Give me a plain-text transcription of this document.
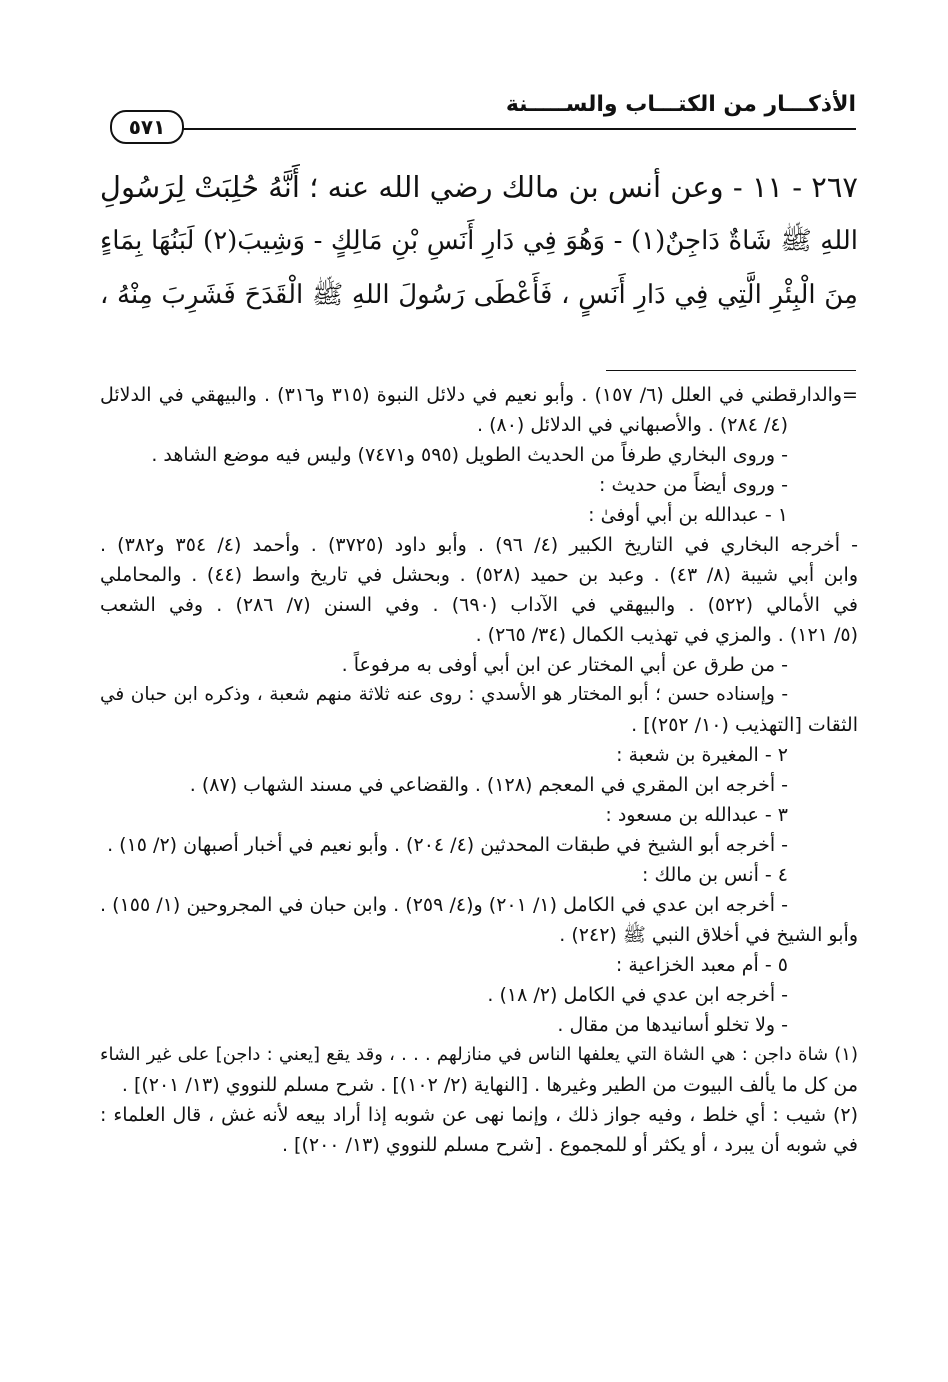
الأذكـــار من الكتـــاب والســـــنة
٥٧١

٢٦٧ - ١١ - وعن أنس بن مالك رضي الله عنه ؛ أَنَّهُ حُلِبَتْ لِرَسُولِ

اللهِ ﷺ شَاةٌ دَاجِنٌ(١) - وَهُوَ فِي دَارِ أَنَسِ بْنِ مَالِكٍ - وَشِيبَ(٢) لَبَنُهَا بِمَاءٍ

مِنَ الْبِئْرِ الَّتِي فِي دَارِ أَنَسٍ ، فَأَعْطَى رَسُولَ اللهِ ﷺ الْقَدَحَ فَشَرِبَ مِنْهُ ،

=والدارقطني في العلل (٦/ ١٥٧) . وأبو نعيم في دلائل النبوة (٣١٥ و٣١٦) . والبيهقي في الدلائل
(٤/ ٢٨٤) . والأصبهاني في الدلائل (٨٠) .
- وروى البخاري طرفاً من الحديث الطويل (٥٩٥ و٧٤٧١) وليس فيه موضع الشاهد .
- وروى أيضاً من حديث :
١ - عبدالله بن أبي أوفىٰ :
- أخرجه البخاري في التاريخ الكبير (٤/ ٩٦) . وأبو داود (٣٧٢٥) . وأحمد (٤/ ٣٥٤ و٣٨٢) .
وابن أبي شيبة (٨/ ٤٣) . وعبد بن حميد (٥٢٨) . وبحشل في تاريخ واسط (٤٤) . والمحاملي
في الأمالي (٥٢٢) . والبيهقي في الآداب (٦٩٠) . وفي السنن (٧/ ٢٨٦) . وفي الشعب
(٥/ ١٢١) . والمزي في تهذيب الكمال (٣٤/ ٢٦٥) .
- من طرق عن أبي المختار عن ابن أبي أوفى به مرفوعاً .
- وإسناده حسن ؛ أبو المختار هو الأسدي : روى عنه ثلاثة منهم شعبة ، وذكره ابن حبان في
الثقات [التهذيب (١٠/ ٢٥٢)] .
٢ - المغيرة بن شعبة :
- أخرجه ابن المقري في المعجم (١٢٨) . والقضاعي في مسند الشهاب (٨٧) .
٣ - عبدالله بن مسعود :
- أخرجه أبو الشيخ في طبقات المحدثين (٤/ ٢٠٤) . وأبو نعيم في أخبار أصبهان (٢/ ١٥) .
٤ - أنس بن مالك :
- أخرجه ابن عدي في الكامل (١/ ٢٠١) و(٤/ ٢٥٩) . وابن حبان في المجروحين (١/ ١٥٥) .
وأبو الشيخ في أخلاق النبي ﷺ (٢٤٢) .
٥ - أم معبد الخزاعية :
- أخرجه ابن عدي في الكامل (٢/ ١٨) .
- ولا تخلو أسانيدها من مقال .
(١) شاة داجن : هي الشاة التي يعلفها الناس في منازلهم . . . ، وقد يقع [يعني : داجن] على غير الشاء
من كل ما يألف البيوت من الطير وغيرها . [النهاية (٢/ ١٠٢)] . شرح مسلم للنووي (١٣/ ٢٠١)] .
(٢) شيب : أي خلط ، وفيه جواز ذلك ، وإنما نهى عن شوبه إذا أراد بيعه لأنه غش ، قال العلماء :
في شوبه أن يبرد ، أو يكثر أو للمجموع . [شرح مسلم للنووي (١٣/ ٢٠٠)] .
